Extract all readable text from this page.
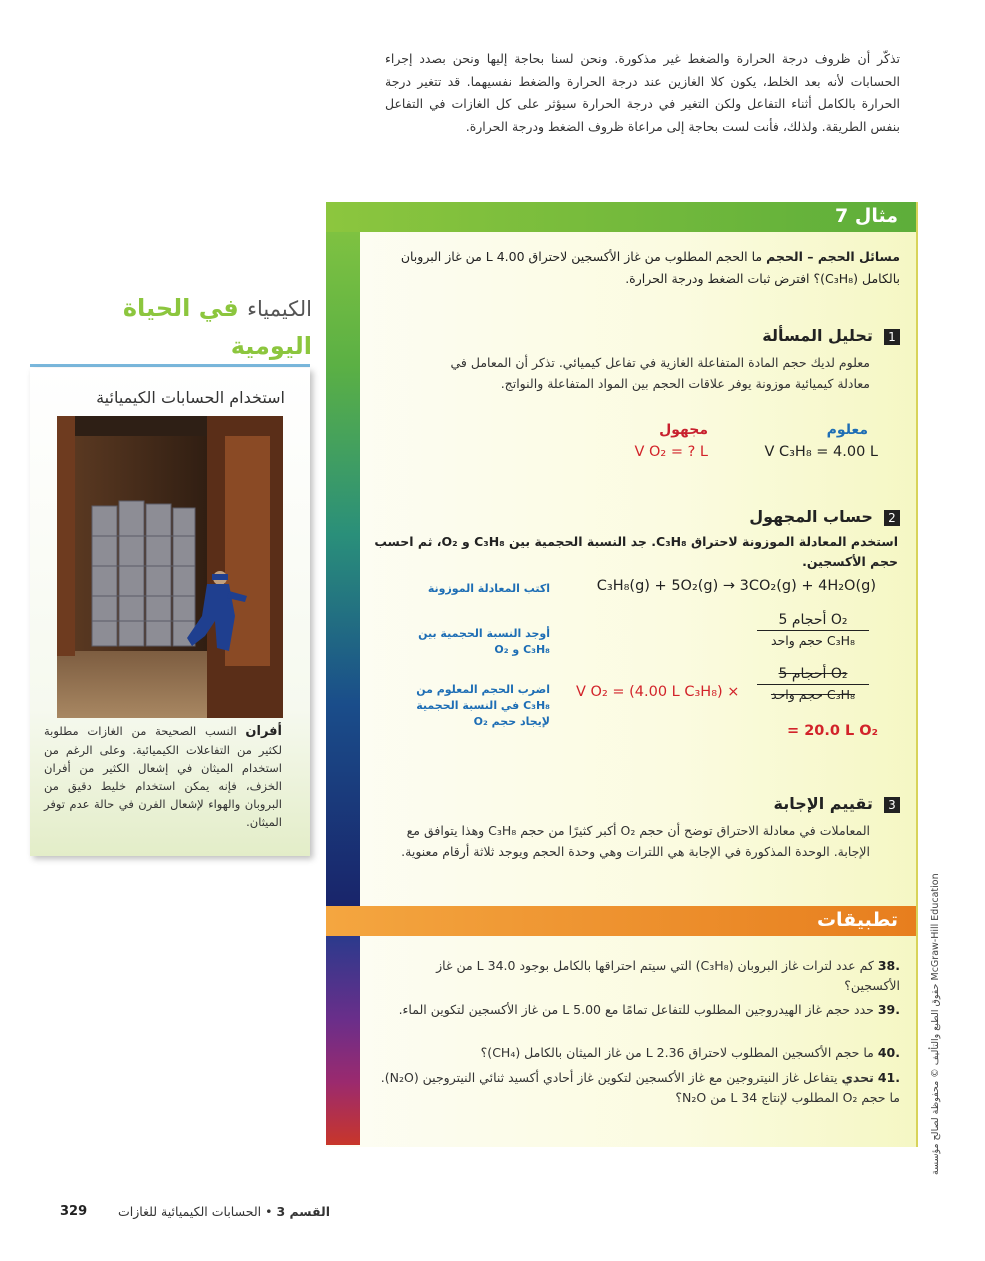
تذكّر أن ظروف درجة الحرارة والضغط غير مذكورة. ونحن لسنا بحاجة إليها ونحن بصدد إجراء الحسابات لأنه بعد الخلط، يكون كلا الغازين عند درجة الحرارة والضغط نفسيهما. قد تتغير درجة الحرارة بالكامل أثناء التفاعل ولكن التغير في درجة الحرارة سيؤثر على كل الغازات في التفاعل بنفس الطريقة. ولذلك، فأنت لست بحاجة إلى مراعاة ظروف الضغط ودرجة الحرارة.
الكيمياء في الحياة
اليومية
استخدام الحسابات الكيميائية
أفران النسب الصحيحة من الغازات مطلوبة لكثير من التفاعلات الكيميائية. وعلى الرغم من استخدام الميثان في إشعال الكثير من أفران الخزف، فإنه يمكن استخدام خليط دقيق من البروبان والهواء لإشعال الفرن في حالة عدم توفر الميثان.
مثال 7
مسائل الحجم – الحجم ما الحجم المطلوب من غاز الأكسجين لاحتراق 4.00 L من غاز البروبان بالكامل (C₃H₈)؟ افترض ثبات الضغط ودرجة الحرارة.
1 تحليل المسألة
معلوم لديك حجم المادة المتفاعلة الغازية في تفاعل كيميائي. تذكر أن المعامل في معادلة كيميائية موزونة يوفر علاقات الحجم بين المواد المتفاعلة والنواتج.
معلوم
V C₃H₈ = 4.00 L
مجهول
V O₂ = ? L
2 حساب المجهول
استخدم المعادلة الموزونة لاحتراق C₃H₈. جد النسبة الحجمية بين C₃H₈ و O₂، ثم احسب حجم الأكسجين.
اكتب المعادلة الموزونة	C₃H₈(g) + 5O₂(g) → 3CO₂(g) + 4H₂O(g)
أوجد النسبة الحجمية بين C₃H₈ و O₂
5 أحجام O₂
حجم واحد C₃H₈
اضرب الحجم المعلوم من C₃H₈ في النسبة الحجمية لإيجاد حجم O₂
V O₂ = (4.00 L C₃H₈) ×
5 أحجام O₂
حجم واحد C₃H₈
= 20.0 L O₂
3 تقييم الإجابة
المعاملات في معادلة الاحتراق توضح أن حجم O₂ أكبر كثيرًا من حجم C₃H₈ وهذا يتوافق مع الإجابة. الوحدة المذكورة في الإجابة هي اللترات وهي وحدة الحجم ويوجد ثلاثة أرقام معنوية.
تطبيقات
.38 كم عدد لترات غاز البروبان (C₃H₈) التي سيتم احتراقها بالكامل بوجود 34.0 L من غاز الأكسجين؟
.39 حدد حجم غاز الهيدروجين المطلوب للتفاعل تمامًا مع 5.00 L من غاز الأكسجين لتكوين الماء.
.40 ما حجم الأكسجين المطلوب لاحتراق 2.36 L من غاز الميثان بالكامل (CH₄)؟
.41 تحدي يتفاعل غاز النيتروجين مع غاز الأكسجين لتكوين غاز أحادي أكسيد ثنائي النيتروجين (N₂O). ما حجم O₂ المطلوب لإنتاج 34 L من N₂O؟
القسم 3 • الحسابات الكيميائية للغازات
329
حقوق الطبع والتأليف © محفوظة لصالح مؤسسة McGraw-Hill Education
